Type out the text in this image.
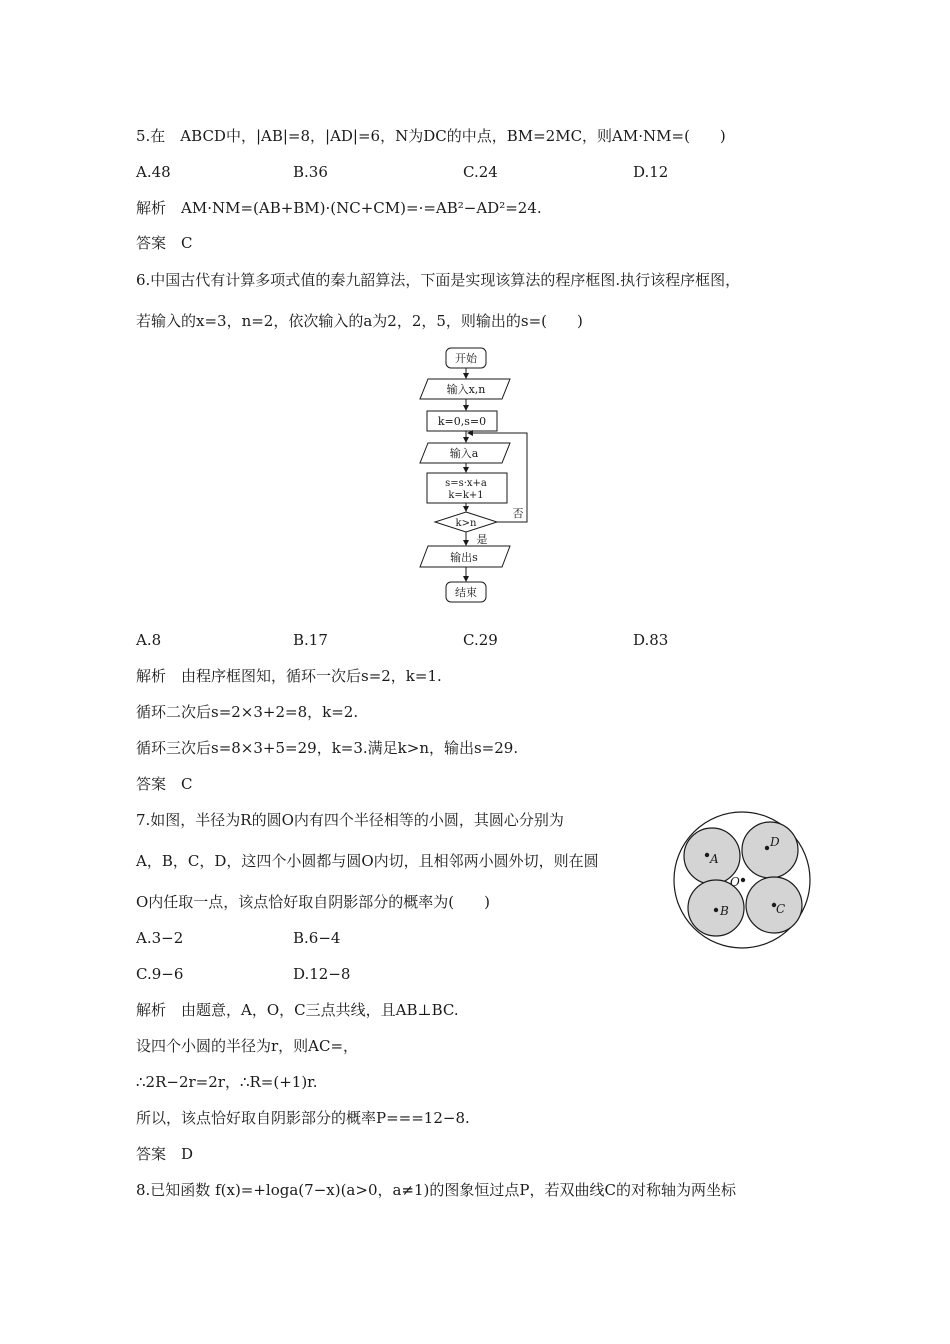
5.在　ABCD中，|AB|=8，|AD|=6，N为DC的中点，BM=2MC，则AM·NM=(　　)
A.48	B.36	C.24	D.12
解析　AM·NM=(AB+BM)·(NC+CM)=·=AB²−AD²=24.
答案　C
6.中国古代有计算多项式值的秦九韶算法，下面是实现该算法的程序框图.执行该程序框图，
若输入的x=3，n=2，依次输入的a为2，2，5，则输出的s=(　　)
开始
输入x,n
k=0,s=0
输入a
s=s·x+a
k=k+1
k>n
否
是
输出s
结束
A.8	B.17	C.29	D.83
解析　由程序框图知，循环一次后s=2，k=1.
循环二次后s=2×3+2=8，k=2.
循环三次后s=8×3+5=29，k=3.满足k>n，输出s=29.
答案　C
7.如图，半径为R的圆O内有四个半径相等的小圆，其圆心分别为
A，B，C，D，这四个小圆都与圆O内切，且相邻两小圆外切，则在圆
O内任取一点，该点恰好取自阴影部分的概率为(　　)
A
D
O
B	C
A.3−2	B.6−4
C.9−6	D.12−8
解析　由题意，A，O，C三点共线，且AB⊥BC.
设四个小圆的半径为r，则AC=，
∴2R−2r=2r，∴R=(+1)r.
所以，该点恰好取自阴影部分的概率P===12−8.
答案　D
8.已知函数 f(x)=+loga(7−x)(a>0，a≠1)的图象恒过点P，若双曲线C的对称轴为两坐标
